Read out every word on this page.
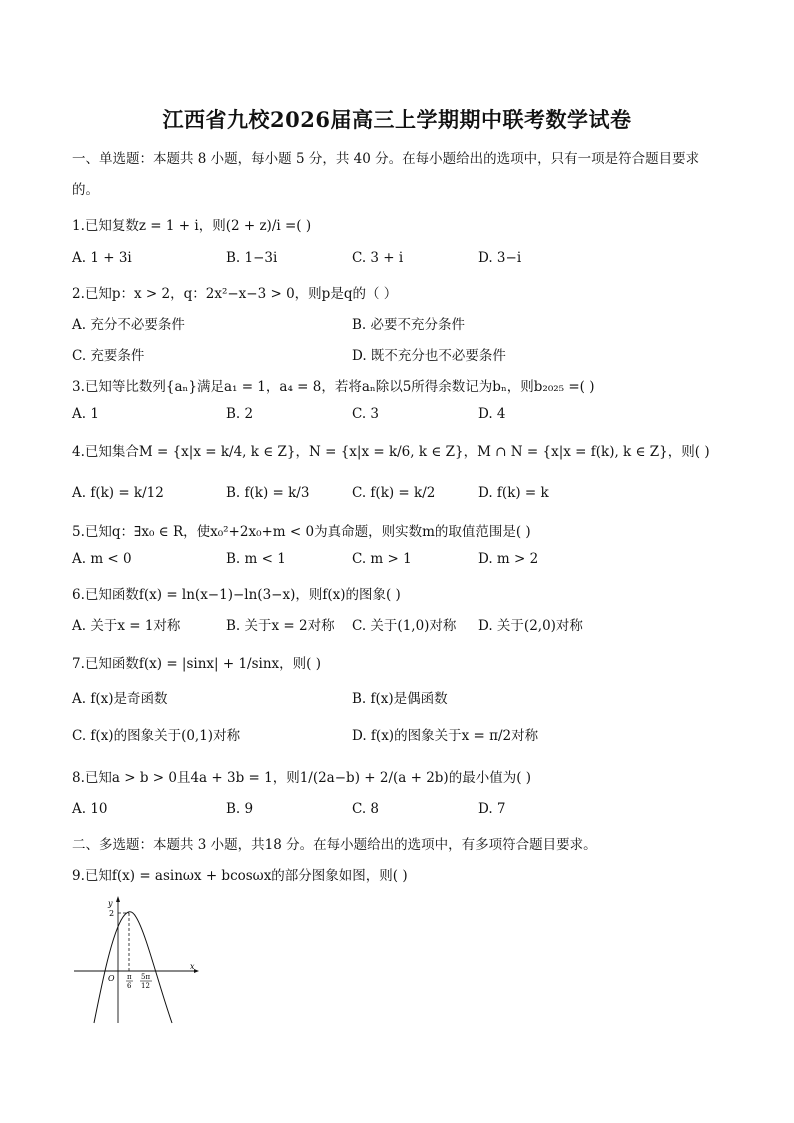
江西省九校2026届高三上学期期中联考数学试卷
一、单选题：本题共 8 小题，每小题 5 分，共 40 分。在每小题给出的选项中，只有一项是符合题目要求
的。
1.已知复数z = 1 + i，则(2 + z)/i =( )
A. 1 + 3i	B. 1−3i	C. 3 + i	D. 3−i
2.已知p：x > 2，q：2x²−x−3 > 0，则p是q的（ ）
A. 充分不必要条件	B. 必要不充分条件
C. 充要条件	D. 既不充分也不必要条件
3.已知等比数列{aₙ}满足a₁ = 1，a₄ = 8，若将aₙ除以5所得余数记为bₙ，则b₂₀₂₅ =( )
A. 1	B. 2	C. 3	D. 4
4.已知集合M = {x|x = k/4, k ∈ Z}，N = {x|x = k/6, k ∈ Z}，M ∩ N = {x|x = f(k), k ∈ Z}，则( )
A. f(k) = k/12	B. f(k) = k/3	C. f(k) = k/2	D. f(k) = k
5.已知q：∃x₀ ∈ R，使x₀²+2x₀+m < 0为真命题，则实数m的取值范围是( )
A. m < 0	B. m < 1	C. m > 1	D. m > 2
6.已知函数f(x) = ln(x−1)−ln(3−x)，则f(x)的图象( )
A. 关于x = 1对称	B. 关于x = 2对称 C. 关于(1,0)对称 D. 关于(2,0)对称
7.已知函数f(x) = |sinx| + 1/sinx，则( )
A. f(x)是奇函数	B. f(x)是偶函数
C. f(x)的图象关于(0,1)对称	D. f(x)的图象关于x = π/2对称
8.已知a > b > 0且4a + 3b = 1，则1/(2a−b) + 2/(a + 2b)的最小值为( )
A. 10	B. 9	C. 8	D. 7
二、多选题：本题共 3 小题，共18 分。在每小题给出的选项中，有多项符合题目要求。
9.已知f(x) = asinωx + bcosωx的部分图象如图，则( )
y
x
O
2
π
6
5π
12
